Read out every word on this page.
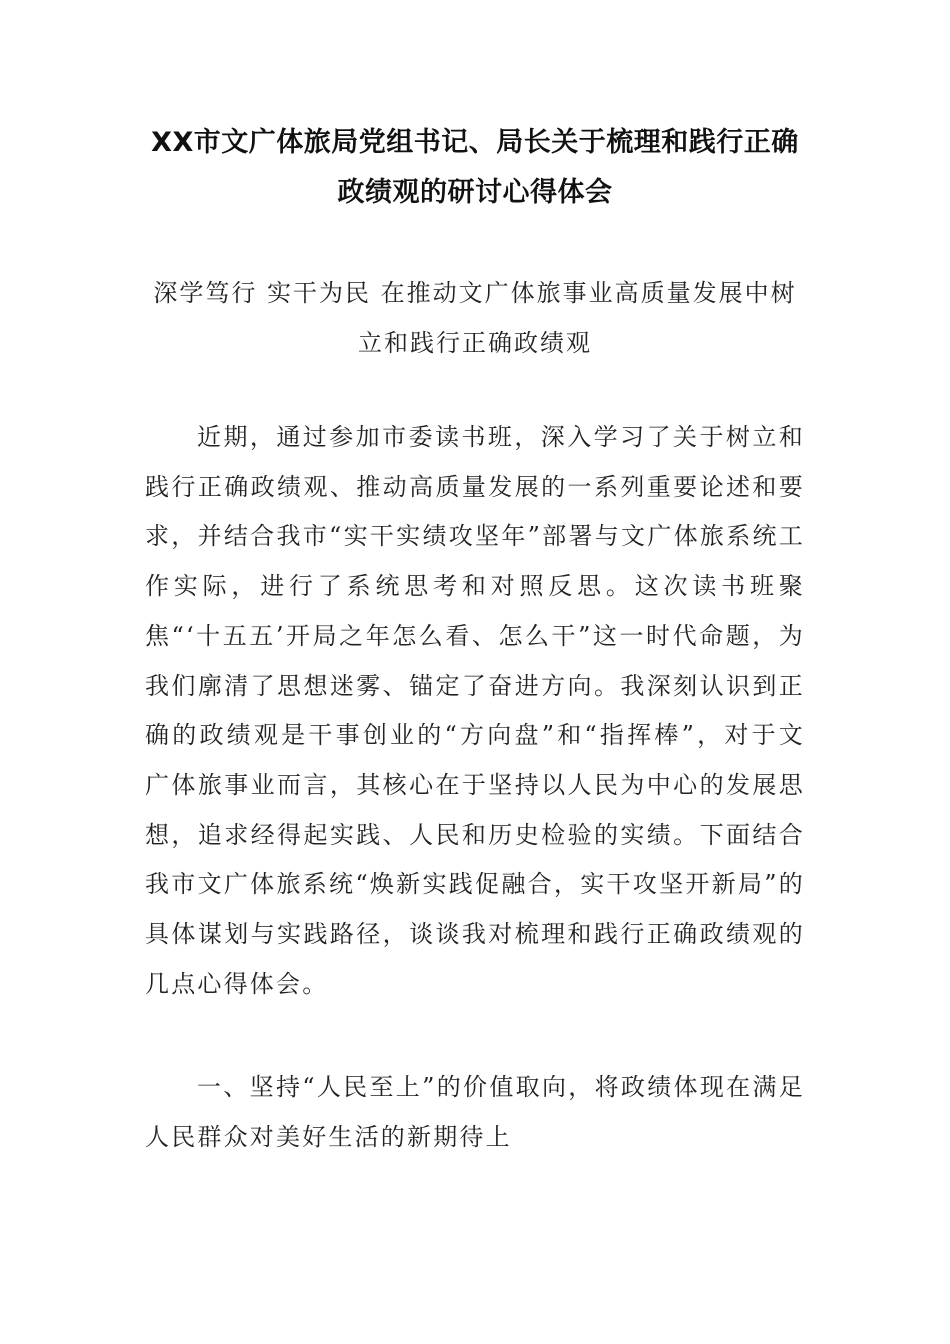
XX市文广体旅局党组书记、局长关于梳理和践行正确政绩观的研讨心得体会
深学笃行 实干为民 在推动文广体旅事业高质量发展中树立和践行正确政绩观

近期，通过参加市委读书班，深入学习了关于树立和践行正确政绩观、推动高质量发展的一系列重要论述和要求，并结合我市“实干实绩攻坚年”部署与文广体旅系统工作实际，进行了系统思考和对照反思。这次读书班聚焦“‘十五五’开局之年怎么看、怎么干”这一时代命题，为我们廓清了思想迷雾、锚定了奋进方向。我深刻认识到正确的政绩观是干事创业的“方向盘”和“指挥棒”，对于文广体旅事业而言，其核心在于坚持以人民为中心的发展思想，追求经得起实践、人民和历史检验的实绩。下面结合我市文广体旅系统“焕新实践促融合，实干攻坚开新局”的具体谋划与实践路径，谈谈我对梳理和践行正确政绩观的几点心得体会。

一、坚持“人民至上”的价值取向，将政绩体现在满足人民群众对美好生活的新期待上
